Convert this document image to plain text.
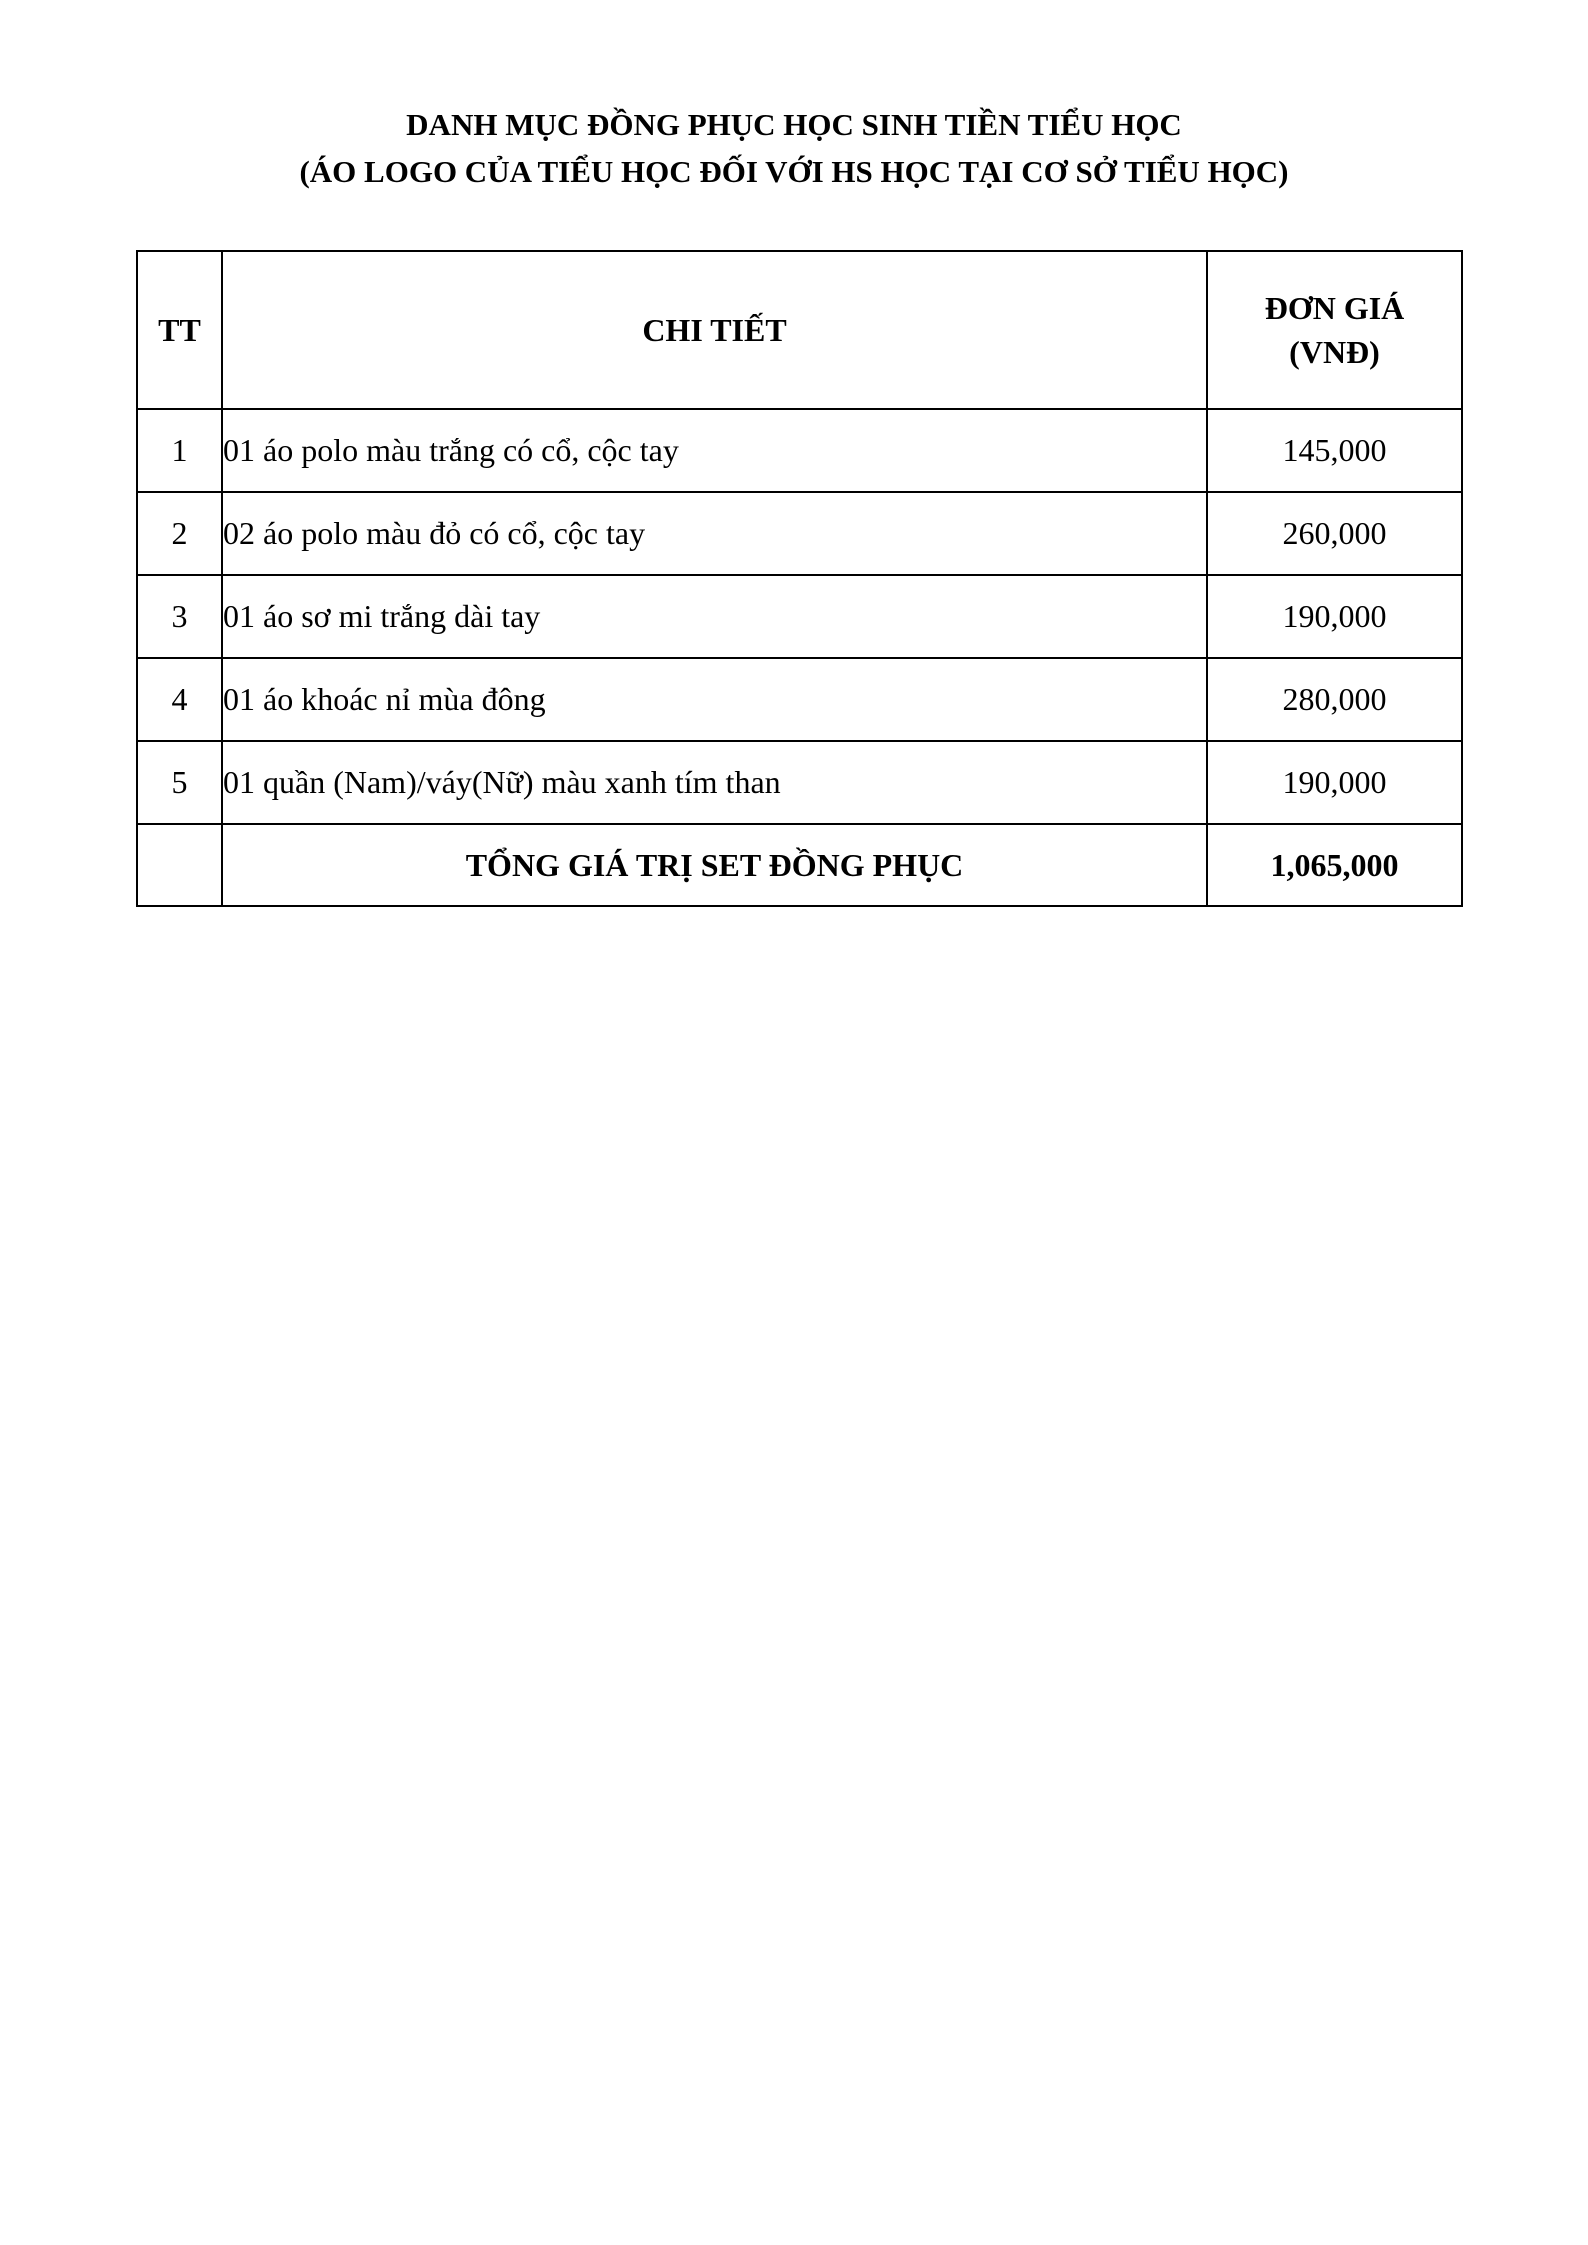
DANH MỤC ĐỒNG PHỤC HỌC SINH TIỀN TIỂU HỌC
(ÁO LOGO CỦA TIỂU HỌC ĐỐI VỚI HS HỌC TẠI CƠ SỞ TIỂU HỌC)
TT	CHI TIẾT	ĐƠN GIÁ
(VNĐ)

1	01 áo polo màu trắng có cổ, cộc tay	145,000
2	02 áo polo màu đỏ có cổ, cộc tay	260,000
3	01 áo sơ mi trắng dài tay	190,000
4	01 áo khoác nỉ mùa đông	280,000
5	01 quần (Nam)/váy(Nữ) màu xanh tím than	190,000
	TỔNG GIÁ TRỊ SET ĐỒNG PHỤC	1,065,000
